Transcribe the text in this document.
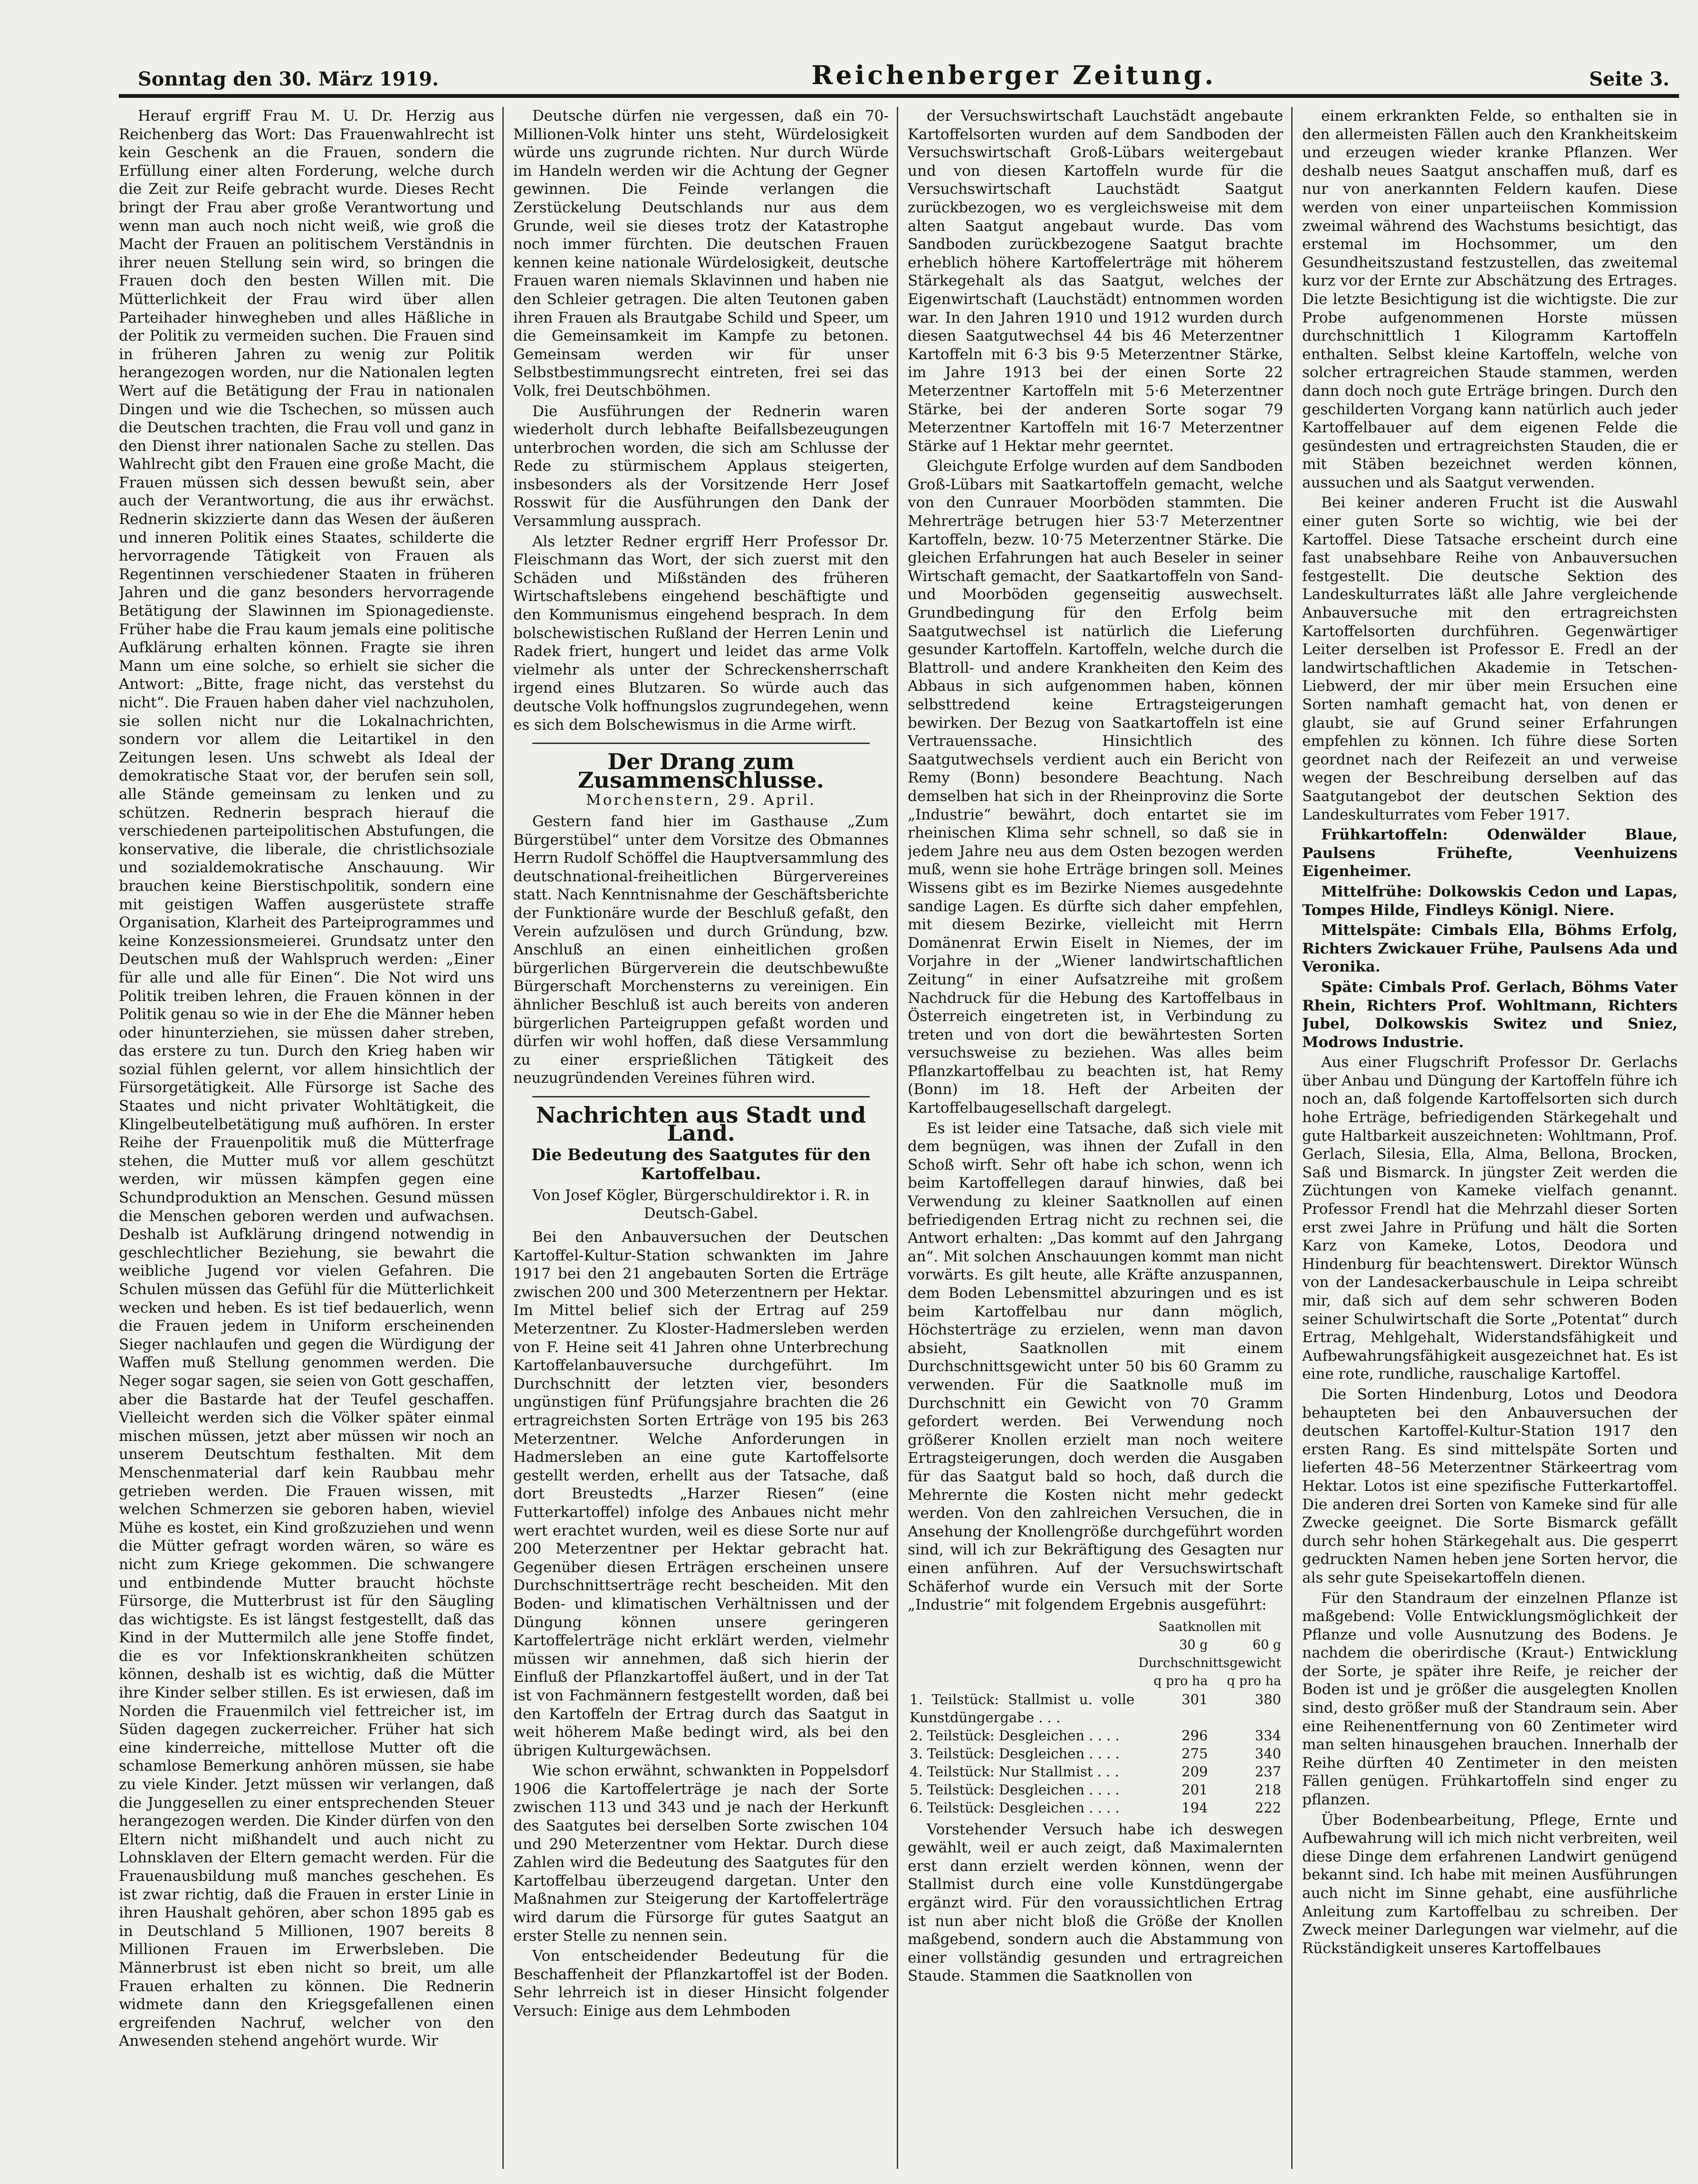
Sonntag den 30. März 1919.	Reichenberger Zeitung.	Seite 3.

Herauf ergriff Frau M. U. Dr. Herzig aus Reichenberg das Wort: Das Frauenwahlrecht ist kein Geschenk an die Frauen, sondern die Erfüllung einer alten Forderung, welche durch die Zeit zur Reife gebracht wurde. Dieses Recht bringt der Frau aber große Verantwortung und wenn man auch noch nicht weiß, wie groß die Macht der Frauen an politischem Verständnis in ihrer neuen Stellung sein wird, so bringen die Frauen doch den besten Willen mit. Die Mütterlichkeit der Frau wird über allen Parteihader hinwegheben und alles Häßliche in der Politik zu vermeiden suchen. Die Frauen sind in früheren Jahren zu wenig zur Politik herangezogen worden, nur die Nationalen legten Wert auf die Betätigung der Frau in nationalen Dingen und wie die Tschechen, so müssen auch die Deutschen trachten, die Frau voll und ganz in den Dienst ihrer nationalen Sache zu stellen. Das Wahlrecht gibt den Frauen eine große Macht, die Frauen müssen sich dessen bewußt sein, aber auch der Verantwortung, die aus ihr erwächst. Rednerin skizzierte dann das Wesen der äußeren und inneren Politik eines Staates, schilderte die hervorragende Tätigkeit von Frauen als Regentinnen verschiedener Staaten in früheren Jahren und die ganz besonders hervorragende Betätigung der Slawinnen im Spionagedienste. Früher habe die Frau kaum jemals eine politische Aufklärung erhalten können. Fragte sie ihren Mann um eine solche, so erhielt sie sicher die Antwort: „Bitte, frage nicht, das verstehst du nicht“. Die Frauen haben daher viel nachzuholen, sie sollen nicht nur die Lokalnachrichten, sondern vor allem die Leitartikel in den Zeitungen lesen. Uns schwebt als Ideal der demokratische Staat vor, der berufen sein soll, alle Stände gemeinsam zu lenken und zu schützen. Rednerin besprach hierauf die verschiedenen parteipolitischen Abstufungen, die konservative, die liberale, die christlichsoziale und sozialdemokratische Anschauung. Wir brauchen keine Bierstischpolitik, sondern eine mit geistigen Waffen ausgerüstete straffe Organisation, Klarheit des Parteiprogrammes und keine Konzessionsmeierei. Grundsatz unter den Deutschen muß der Wahlspruch werden: „Einer für alle und alle für Einen“. Die Not wird uns Politik treiben lehren, die Frauen können in der Politik genau so wie in der Ehe die Männer heben oder hinunterziehen, sie müssen daher streben, das erstere zu tun. Durch den Krieg haben wir sozial fühlen gelernt, vor allem hinsichtlich der Fürsorgetätigkeit. Alle Fürsorge ist Sache des Staates und nicht privater Wohltätigkeit, die Klingelbeutelbetätigung muß aufhören. In erster Reihe der Frauenpolitik muß die Mütterfrage stehen, die Mutter muß vor allem geschützt werden, wir müssen kämpfen gegen eine Schundproduktion an Menschen. Gesund müssen die Menschen geboren werden und aufwachsen. Deshalb ist Aufklärung dringend notwendig in geschlechtlicher Beziehung, sie bewahrt die weibliche Jugend vor vielen Gefahren. Die Schulen müssen das Gefühl für die Mütterlichkeit wecken und heben. Es ist tief bedauerlich, wenn die Frauen jedem in Uniform erscheinenden Sieger nachlaufen und gegen die Würdigung der Waffen muß Stellung genommen werden. Die Neger sogar sagen, sie seien von Gott geschaffen, aber die Bastarde hat der Teufel geschaffen. Vielleicht werden sich die Völker später einmal mischen müssen, jetzt aber müssen wir noch an unserem Deutschtum festhalten. Mit dem Menschenmaterial darf kein Raubbau mehr getrieben werden. Die Frauen wissen, mit welchen Schmerzen sie geboren haben, wieviel Mühe es kostet, ein Kind großzuziehen und wenn die Mütter gefragt worden wären, so wäre es nicht zum Kriege gekommen. Die schwangere und entbindende Mutter braucht höchste Fürsorge, die Mutterbrust ist für den Säugling das wichtigste. Es ist längst festgestellt, daß das Kind in der Muttermilch alle jene Stoffe findet, die es vor Infektionskrankheiten schützen können, deshalb ist es wichtig, daß die Mütter ihre Kinder selber stillen. Es ist erwiesen, daß im Norden die Frauenmilch viel fettreicher ist, im Süden dagegen zuckerreicher. Früher hat sich eine kinderreiche, mittellose Mutter oft die schamlose Bemerkung anhören müssen, sie habe zu viele Kinder. Jetzt müssen wir verlangen, daß die Junggesellen zu einer entsprechenden Steuer herangezogen werden. Die Kinder dürfen von den Eltern nicht mißhandelt und auch nicht zu Lohnsklaven der Eltern gemacht werden. Für die Frauenausbildung muß manches geschehen. Es ist zwar richtig, daß die Frauen in erster Linie in ihren Haushalt gehören, aber schon 1895 gab es in Deutschland 5 Millionen, 1907 bereits 8 Millionen Frauen im Erwerbsleben. Die Männerbrust ist eben nicht so breit, um alle Frauen erhalten zu können. Die Rednerin widmete dann den Kriegsgefallenen einen ergreifenden Nachruf, welcher von den Anwesenden stehend angehört wurde. Wir

Deutsche dürfen nie vergessen, daß ein 70-Millionen-Volk hinter uns steht, Würdelosigkeit würde uns zugrunde richten. Nur durch Würde im Handeln werden wir die Achtung der Gegner gewinnen. Die Feinde verlangen die Zerstückelung Deutschlands nur aus dem Grunde, weil sie dieses trotz der Katastrophe noch immer fürchten. Die deutschen Frauen kennen keine nationale Würdelosigkeit, deutsche Frauen waren niemals Sklavinnen und haben nie den Schleier getragen. Die alten Teutonen gaben ihren Frauen als Brautgabe Schild und Speer, um die Gemeinsamkeit im Kampfe zu betonen. Gemeinsam werden wir für unser Selbstbestimmungsrecht eintreten, frei sei das Volk, frei Deutschböhmen.

Die Ausführungen der Rednerin waren wiederholt durch lebhafte Beifallsbezeugungen unterbrochen worden, die sich am Schlusse der Rede zu stürmischem Applaus steigerten, insbesonders als der Vorsitzende Herr Josef Rosswit für die Ausführungen den Dank der Versammlung aussprach.

Als letzter Redner ergriff Herr Professor Dr. Fleischmann das Wort, der sich zuerst mit den Schäden und Mißständen des früheren Wirtschaftslebens eingehend beschäftigte und den Kommunismus eingehend besprach. In dem bolschewistischen Rußland der Herren Lenin und Radek friert, hungert und leidet das arme Volk vielmehr als unter der Schreckensherrschaft irgend eines Blutzaren. So würde auch das deutsche Volk hoffnungslos zugrundegehen, wenn es sich dem Bolschewismus in die Arme wirft.

Der Drang zum Zusammenschlusse.
Morchenstern, 29. April.

Gestern fand hier im Gasthause „Zum Bürgerstübel“ unter dem Vorsitze des Obmannes Herrn Rudolf Schöffel die Hauptversammlung des deutschnational-freiheitlichen Bürgervereines statt. Nach Kenntnisnahme der Geschäftsberichte der Funktionäre wurde der Beschluß gefaßt, den Verein aufzulösen und durch Gründung, bzw. Anschluß an einen einheitlichen großen bürgerlichen Bürgerverein die deutschbewußte Bürgerschaft Morchensterns zu vereinigen. Ein ähnlicher Beschluß ist auch bereits von anderen bürgerlichen Parteigruppen gefaßt worden und dürfen wir wohl hoffen, daß diese Versammlung zu einer ersprießlichen Tätigkeit des neuzugründenden Vereines führen wird.

Nachrichten aus Stadt und Land.
Die Bedeutung des Saatgutes für den Kartoffelbau.
Von Josef Kögler, Bürgerschuldirektor i. R. in Deutsch-Gabel.

Bei den Anbauversuchen der Deutschen Kartoffel-Kultur-Station schwankten im Jahre 1917 bei den 21 angebauten Sorten die Erträge zwischen 200 und 300 Meterzentnern per Hektar. Im Mittel belief sich der Ertrag auf 259 Meterzentner. Zu Kloster-Hadmersleben werden von F. Heine seit 41 Jahren ohne Unterbrechung Kartoffelanbauversuche durchgeführt. Im Durchschnitt der letzten vier, besonders ungünstigen fünf Prüfungsjahre brachten die 26 ertragreichsten Sorten Erträge von 195 bis 263 Meterzentner. Welche Anforderungen in Hadmersleben an eine gute Kartoffelsorte gestellt werden, erhellt aus der Tatsache, daß dort Breustedts „Harzer Riesen“ (eine Futterkartoffel) infolge des Anbaues nicht mehr wert erachtet wurden, weil es diese Sorte nur auf 200 Meterzentner per Hektar gebracht hat. Gegenüber diesen Erträgen erscheinen unsere Durchschnittserträge recht bescheiden. Mit den Boden- und klimatischen Verhältnissen und der Düngung können unsere geringeren Kartoffelerträge nicht erklärt werden, vielmehr müssen wir annehmen, daß sich hierin der Einfluß der Pflanzkartoffel äußert, und in der Tat ist von Fachmännern festgestellt worden, daß bei den Kartoffeln der Ertrag durch das Saatgut in weit höherem Maße bedingt wird, als bei den übrigen Kulturgewächsen.

Wie schon erwähnt, schwankten in Poppelsdorf 1906 die Kartoffelerträge je nach der Sorte zwischen 113 und 343 und je nach der Herkunft des Saatgutes bei derselben Sorte zwischen 104 und 290 Meterzentner vom Hektar. Durch diese Zahlen wird die Bedeutung des Saatgutes für den Kartoffelbau überzeugend dargetan. Unter den Maßnahmen zur Steigerung der Kartoffelerträge wird darum die Fürsorge für gutes Saatgut an erster Stelle zu nennen sein.

Von entscheidender Bedeutung für die Beschaffenheit der Pflanzkartoffel ist der Boden. Sehr lehrreich ist in dieser Hinsicht folgender Versuch: Einige aus dem Lehmboden

der Versuchswirtschaft Lauchstädt angebaute Kartoffelsorten wurden auf dem Sandboden der Versuchswirtschaft Groß-Lübars weitergebaut und von diesen Kartoffeln wurde für die Versuchswirtschaft Lauchstädt Saatgut zurückbezogen, wo es vergleichsweise mit dem alten Saatgut angebaut wurde. Das vom Sandboden zurückbezogene Saatgut brachte erheblich höhere Kartoffelerträge mit höherem Stärkegehalt als das Saatgut, welches der Eigenwirtschaft (Lauchstädt) entnommen worden war. In den Jahren 1910 und 1912 wurden durch diesen Saatgutwechsel 44 bis 46 Meterzentner Kartoffeln mit 6·3 bis 9·5 Meterzentner Stärke, im Jahre 1913 bei der einen Sorte 22 Meterzentner Kartoffeln mit 5·6 Meterzentner Stärke, bei der anderen Sorte sogar 79 Meterzentner Kartoffeln mit 16·7 Meterzentner Stärke auf 1 Hektar mehr geerntet.

Gleichgute Erfolge wurden auf dem Sandboden Groß-Lübars mit Saatkartoffeln gemacht, welche von den Cunrauer Moorböden stammten. Die Mehrerträge betrugen hier 53·7 Meterzentner Kartoffeln, bezw. 10·75 Meterzentner Stärke. Die gleichen Erfahrungen hat auch Beseler in seiner Wirtschaft gemacht, der Saatkartoffeln von Sand- und Moorböden gegenseitig auswechselt. Grundbedingung für den Erfolg beim Saatgutwechsel ist natürlich die Lieferung gesunder Kartoffeln. Kartoffeln, welche durch die Blattroll- und andere Krankheiten den Keim des Abbaus in sich aufgenommen haben, können selbsttredend keine Ertragsteigerungen bewirken. Der Bezug von Saatkartoffeln ist eine Vertrauenssache. Hinsichtlich des Saatgutwechsels verdient auch ein Bericht von Remy (Bonn) besondere Beachtung. Nach demselben hat sich in der Rheinprovinz die Sorte „Industrie“ bewährt, doch entartet sie im rheinischen Klima sehr schnell, so daß sie in jedem Jahre neu aus dem Osten bezogen werden muß, wenn sie hohe Erträge bringen soll. Meines Wissens gibt es im Bezirke Niemes ausgedehnte sandige Lagen. Es dürfte sich daher empfehlen, mit diesem Bezirke, vielleicht mit Herrn Domänenrat Erwin Eiselt in Niemes, der im Vorjahre in der „Wiener landwirtschaftlichen Zeitung“ in einer Aufsatzreihe mit großem Nachdruck für die Hebung des Kartoffelbaus in Österreich eingetreten ist, in Verbindung zu treten und von dort die bewährtesten Sorten versuchsweise zu beziehen. Was alles beim Pflanzkartoffelbau zu beachten ist, hat Remy (Bonn) im 18. Heft der Arbeiten der Kartoffelbaugesellschaft dargelegt.

Es ist leider eine Tatsache, daß sich viele mit dem begnügen, was ihnen der Zufall in den Schoß wirft. Sehr oft habe ich schon, wenn ich beim Kartoffellegen darauf hinwies, daß bei Verwendung zu kleiner Saatknollen auf einen befriedigenden Ertrag nicht zu rechnen sei, die Antwort erhalten: „Das kommt auf den Jahrgang an“. Mit solchen Anschauungen kommt man nicht vorwärts. Es gilt heute, alle Kräfte anzuspannen, dem Boden Lebensmittel abzuringen und es ist beim Kartoffelbau nur dann möglich, Höchsterträge zu erzielen, wenn man davon absieht, Saatknollen mit einem Durchschnittsgewicht unter 50 bis 60 Gramm zu verwenden. Für die Saatknolle muß im Durchschnitt ein Gewicht von 70 Gramm gefordert werden. Bei Verwendung noch größerer Knollen erzielt man noch weitere Ertragsteigerungen, doch werden die Ausgaben für das Saatgut bald so hoch, daß durch die Mehrernte die Kosten nicht mehr gedeckt werden. Von den zahlreichen Versuchen, die in Ansehung der Knollengröße durchgeführt worden sind, will ich zur Bekräftigung des Gesagten nur einen anführen. Auf der Versuchswirtschaft Schäferhof wurde ein Versuch mit der Sorte „Industrie“ mit folgendem Ergebnis ausgeführt:

	Saatknollen mit	
	30 g	60 g
	Durchschnittsgewicht	
	q pro ha	q pro ha
1. Teilstück: Stallmist u. volle Kunstdüngergabe . . .	301	380
2. Teilstück: Desgleichen . . . .	296	334
3. Teilstück: Desgleichen . . . .	275	340
4. Teilstück: Nur Stallmist . . .	209	237
5. Teilstück: Desgleichen . . . .	201	218
6. Teilstück: Desgleichen . . . .	194	222

Vorstehender Versuch habe ich deswegen gewählt, weil er auch zeigt, daß Maximalernten erst dann erzielt werden können, wenn der Stallmist durch eine volle Kunstdüngergabe ergänzt wird. Für den voraussichtlichen Ertrag ist nun aber nicht bloß die Größe der Knollen maßgebend, sondern auch die Abstammung von einer vollständig gesunden und ertragreichen Staude. Stammen die Saatknollen von

einem erkrankten Felde, so enthalten sie in den allermeisten Fällen auch den Krankheitskeim und erzeugen wieder kranke Pflanzen. Wer deshalb neues Saatgut anschaffen muß, darf es nur von anerkannten Feldern kaufen. Diese werden von einer unparteiischen Kommission zweimal während des Wachstums besichtigt, das erstemal im Hochsommer, um den Gesundheitszustand festzustellen, das zweitemal kurz vor der Ernte zur Abschätzung des Ertrages. Die letzte Besichtigung ist die wichtigste. Die zur Probe aufgenommenen Horste müssen durchschnittlich 1 Kilogramm Kartoffeln enthalten. Selbst kleine Kartoffeln, welche von solcher ertragreichen Staude stammen, werden dann doch noch gute Erträge bringen. Durch den geschilderten Vorgang kann natürlich auch jeder Kartoffelbauer auf dem eigenen Felde die gesündesten und ertragreichsten Stauden, die er mit Stäben bezeichnet werden können, aussuchen und als Saatgut verwenden.

Bei keiner anderen Frucht ist die Auswahl einer guten Sorte so wichtig, wie bei der Kartoffel. Diese Tatsache erscheint durch eine fast unabsehbare Reihe von Anbauversuchen festgestellt. Die deutsche Sektion des Landeskulturrates läßt alle Jahre vergleichende Anbauversuche mit den ertragreichsten Kartoffelsorten durchführen. Gegenwärtiger Leiter derselben ist Professor E. Fredl an der landwirtschaftlichen Akademie in Tetschen-Liebwerd, der mir über mein Ersuchen eine Sorten namhaft gemacht hat, von denen er glaubt, sie auf Grund seiner Erfahrungen empfehlen zu können. Ich führe diese Sorten geordnet nach der Reifezeit an und verweise wegen der Beschreibung derselben auf das Saatgutangebot der deutschen Sektion des Landeskulturrates vom Feber 1917.

Frühkartoffeln: Odenwälder Blaue, Paulsens Frühefte, Veenhuizens Eigenheimer.

Mittelfrühe: Dolkowskis Cedon und Lapas, Tompes Hilde, Findleys Königl. Niere.

Mittelspäte: Cimbals Ella, Böhms Erfolg, Richters Zwickauer Frühe, Paulsens Ada und Veronika.

Späte: Cimbals Prof. Gerlach, Böhms Vater Rhein, Richters Prof. Wohltmann, Richters Jubel, Dolkowskis Switez und Sniez, Modrows Industrie.

Aus einer Flugschrift Professor Dr. Gerlachs über Anbau und Düngung der Kartoffeln führe ich noch an, daß folgende Kartoffelsorten sich durch hohe Erträge, befriedigenden Stärkegehalt und gute Haltbarkeit auszeichneten: Wohltmann, Prof. Gerlach, Silesia, Ella, Alma, Bellona, Brocken, Saß und Bismarck. In jüngster Zeit werden die Züchtungen von Kameke vielfach genannt. Professor Frendl hat die Mehrzahl dieser Sorten erst zwei Jahre in Prüfung und hält die Sorten Karz von Kameke, Lotos, Deodora und Hindenburg für beachtenswert. Direktor Wünsch von der Landesackerbauschule in Leipa schreibt mir, daß sich auf dem sehr schweren Boden seiner Schulwirtschaft die Sorte „Potentat“ durch Ertrag, Mehlgehalt, Widerstandsfähigkeit und Aufbewahrungsfähigkeit ausgezeichnet hat. Es ist eine rote, rundliche, rauschalige Kartoffel.

Die Sorten Hindenburg, Lotos und Deodora behaupteten bei den Anbauversuchen der deutschen Kartoffel-Kultur-Station 1917 den ersten Rang. Es sind mittelspäte Sorten und lieferten 48–56 Meterzentner Stärkeertrag vom Hektar. Lotos ist eine spezifische Futterkartoffel. Die anderen drei Sorten von Kameke sind für alle Zwecke geeignet. Die Sorte Bismarck gefällt durch sehr hohen Stärkegehalt aus. Die gesperrt gedruckten Namen heben jene Sorten hervor, die als sehr gute Speisekartoffeln dienen.

Für den Standraum der einzelnen Pflanze ist maßgebend: Volle Entwicklungsmöglichkeit der Pflanze und volle Ausnutzung des Bodens. Je nachdem die oberirdische (Kraut-) Entwicklung der Sorte, je später ihre Reife, je reicher der Boden ist und je größer die ausgelegten Knollen sind, desto größer muß der Standraum sein. Aber eine Reihenentfernung von 60 Zentimeter wird man selten hinausgehen brauchen. Innerhalb der Reihe dürften 40 Zentimeter in den meisten Fällen genügen. Frühkartoffeln sind enger zu pflanzen.

Über Bodenbearbeitung, Pflege, Ernte und Aufbewahrung will ich mich nicht verbreiten, weil diese Dinge dem erfahrenen Landwirt genügend bekannt sind. Ich habe mit meinen Ausführungen auch nicht im Sinne gehabt, eine ausführliche Anleitung zum Kartoffelbau zu schreiben. Der Zweck meiner Darlegungen war vielmehr, auf die Rückständigkeit unseres Kartoffelbaues
